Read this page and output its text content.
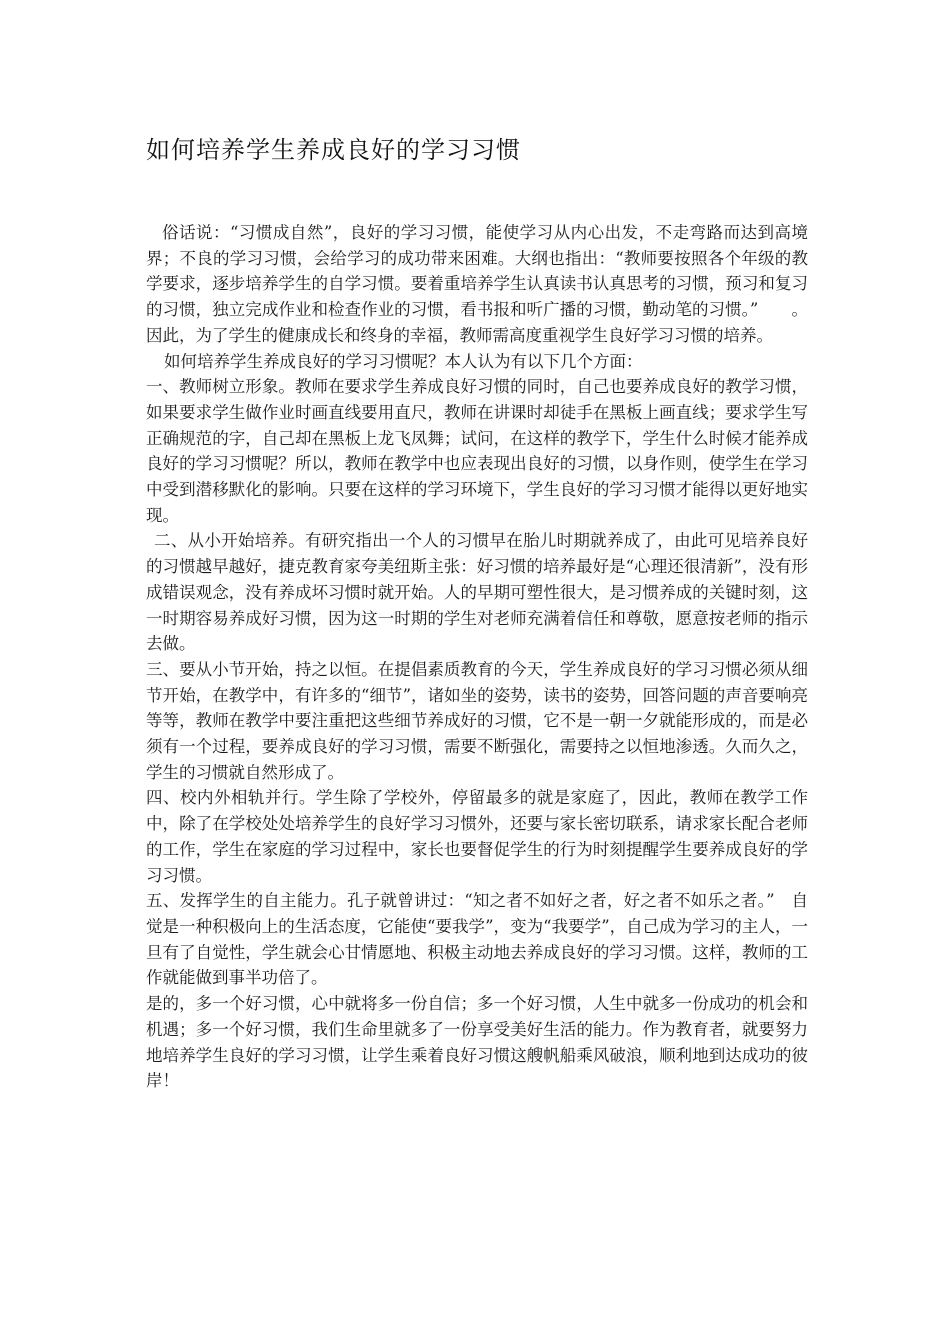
如何培养学生养成良好的学习习惯

俗话说：“习惯成自然”，良好的学习习惯，能使学习从内心出发，不走弯路而达到高境界；不良的学习习惯，会给学习的成功带来困难。大纲也指出：“教师要按照各个年级的教学要求，逐步培养学生的自学习惯。要着重培养学生认真读书认真思考的习惯，预习和复习的习惯，独立完成作业和检查作业的习惯，看书报和听广播的习惯，勤动笔的习惯。”　　。因此，为了学生的健康成长和终身的幸福，教师需高度重视学生良好学习习惯的培养。

如何培养学生养成良好的学习习惯呢？本人认为有以下几个方面：

一、教师树立形象。教师在要求学生养成良好习惯的同时，自己也要养成良好的教学习惯，如果要求学生做作业时画直线要用直尺，教师在讲课时却徒手在黑板上画直线；要求学生写正确规范的字，自己却在黑板上龙飞凤舞；试问，在这样的教学下，学生什么时候才能养成良好的学习习惯呢？所以，教师在教学中也应表现出良好的习惯，以身作则，使学生在学习中受到潜移默化的影响。只要在这样的学习环境下，学生良好的学习习惯才能得以更好地实现。

二、从小开始培养。有研究指出一个人的习惯早在胎儿时期就养成了，由此可见培养良好的习惯越早越好，捷克教育家夸美纽斯主张：好习惯的培养最好是“心理还很清新”，没有形成错误观念，没有养成坏习惯时就开始。人的早期可塑性很大，是习惯养成的关键时刻，这一时期容易养成好习惯，因为这一时期的学生对老师充满着信任和尊敬，愿意按老师的指示去做。

三、要从小节开始，持之以恒。在提倡素质教育的今天，学生养成良好的学习习惯必须从细节开始，在教学中，有许多的“细节”，诸如坐的姿势，读书的姿势，回答问题的声音要响亮等等，教师在教学中要注重把这些细节养成好的习惯，它不是一朝一夕就能形成的，而是必须有一个过程，要养成良好的学习习惯，需要不断强化，需要持之以恒地渗透。久而久之，学生的习惯就自然形成了。

四、校内外相轨并行。学生除了学校外，停留最多的就是家庭了，因此，教师在教学工作中，除了在学校处处培养学生的良好学习习惯外，还要与家长密切联系，请求家长配合老师的工作，学生在家庭的学习过程中，家长也要督促学生的行为时刻提醒学生要养成良好的学习习惯。

五、发挥学生的自主能力。孔子就曾讲过：“知之者不如好之者，好之者不如乐之者。”　自觉是一种积极向上的生活态度，它能使“要我学”，变为“我要学”，自己成为学习的主人，一旦有了自觉性，学生就会心甘情愿地、积极主动地去养成良好的学习习惯。这样，教师的工作就能做到事半功倍了。

是的，多一个好习惯，心中就将多一份自信；多一个好习惯，人生中就多一份成功的机会和机遇；多一个好习惯，我们生命里就多了一份享受美好生活的能力。作为教育者，就要努力地培养学生良好的学习习惯，让学生乘着良好习惯这艘帆船乘风破浪，顺利地到达成功的彼岸！
